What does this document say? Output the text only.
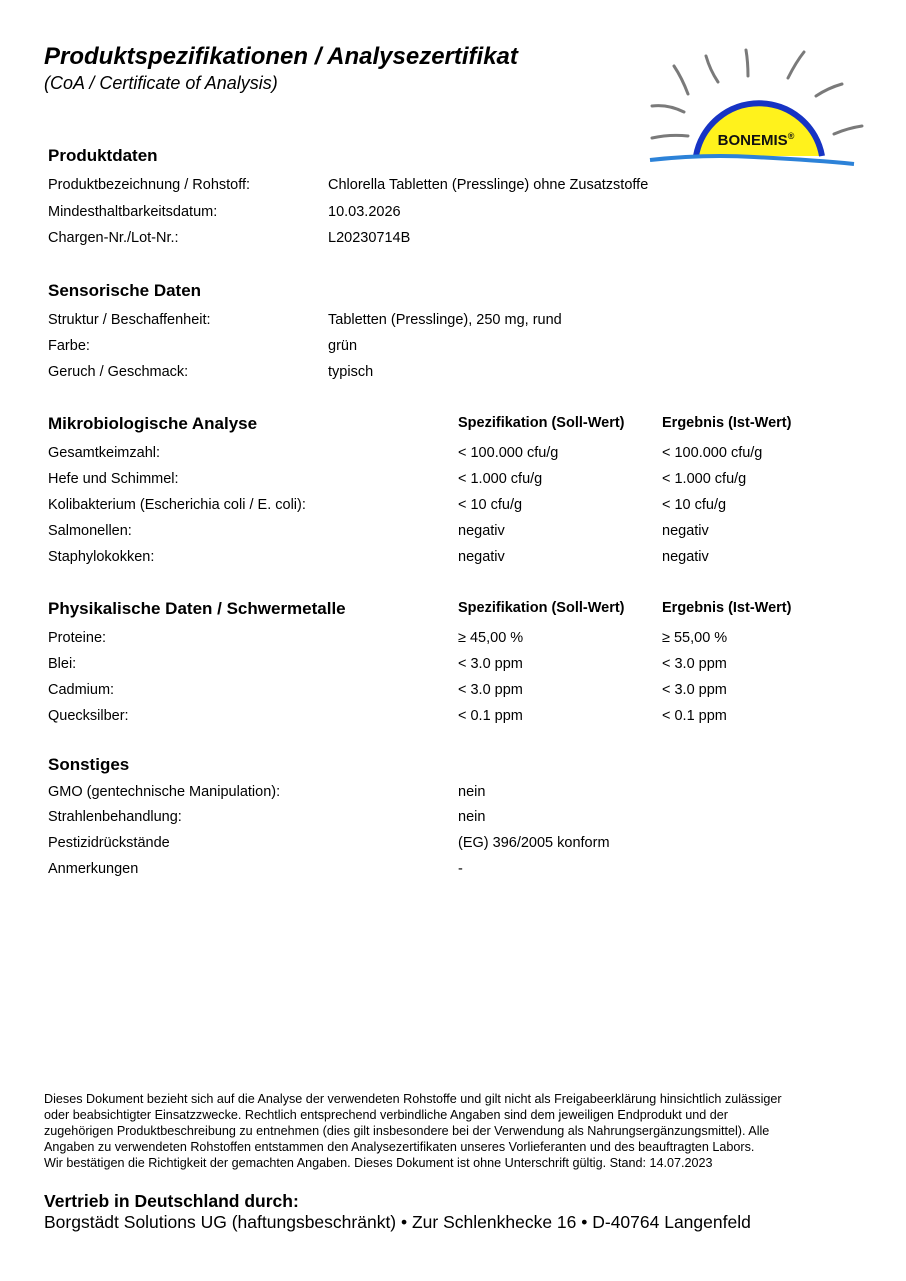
Produktspezifikationen / Analysezertifikat
(CoA / Certificate of Analysis)
BONEMIS®
Produktdaten
Produktbezeichnung / Rohstoff:	Chlorella Tabletten (Presslinge) ohne Zusatzstoffe
Mindesthaltbarkeitsdatum:	10.03.2026
Chargen-Nr./Lot-Nr.:	L20230714B
Sensorische Daten
Struktur / Beschaffenheit:	Tabletten (Presslinge), 250 mg, rund
Farbe:	grün
Geruch / Geschmack:	typisch
Mikrobiologische Analyse	Spezifikation (Soll-Wert)	Ergebnis (Ist-Wert)
Gesamtkeimzahl:	< 100.000 cfu/g	< 100.000 cfu/g
Hefe und Schimmel:	< 1.000 cfu/g	< 1.000 cfu/g
Kolibakterium (Escherichia coli / E. coli):	< 10 cfu/g	< 10 cfu/g
Salmonellen:	negativ	negativ
Staphylokokken:	negativ	negativ
Physikalische Daten / Schwermetalle	Spezifikation (Soll-Wert)	Ergebnis (Ist-Wert)
Proteine:	≥ 45,00 %	≥ 55,00 %
Blei:	< 3.0 ppm	< 3.0 ppm
Cadmium:	< 3.0 ppm	< 3.0 ppm
Quecksilber:	< 0.1 ppm	< 0.1 ppm
Sonstiges
GMO (gentechnische Manipulation):	nein
Strahlenbehandlung:	nein
Pestizidrückstände	(EG) 396/2005 konform
Anmerkungen	-
Dieses Dokument bezieht sich auf die Analyse der verwendeten Rohstoffe und gilt nicht als Freigabeerklärung hinsichtlich zulässiger
oder beabsichtigter Einsatzzwecke. Rechtlich entsprechend verbindliche Angaben sind dem jeweiligen Endprodukt und der
zugehörigen Produktbeschreibung zu entnehmen (dies gilt insbesondere bei der Verwendung als Nahrungsergänzungsmittel). Alle
Angaben zu verwendeten Rohstoffen entstammen den Analysezertifikaten unseres Vorlieferanten und des beauftragten Labors.
Wir bestätigen die Richtigkeit der gemachten Angaben. Dieses Dokument ist ohne Unterschrift gültig. Stand: 14.07.2023
Vertrieb in Deutschland durch:
Borgstädt Solutions UG (haftungsbeschränkt) • Zur Schlenkhecke 16 • D-40764 Langenfeld
